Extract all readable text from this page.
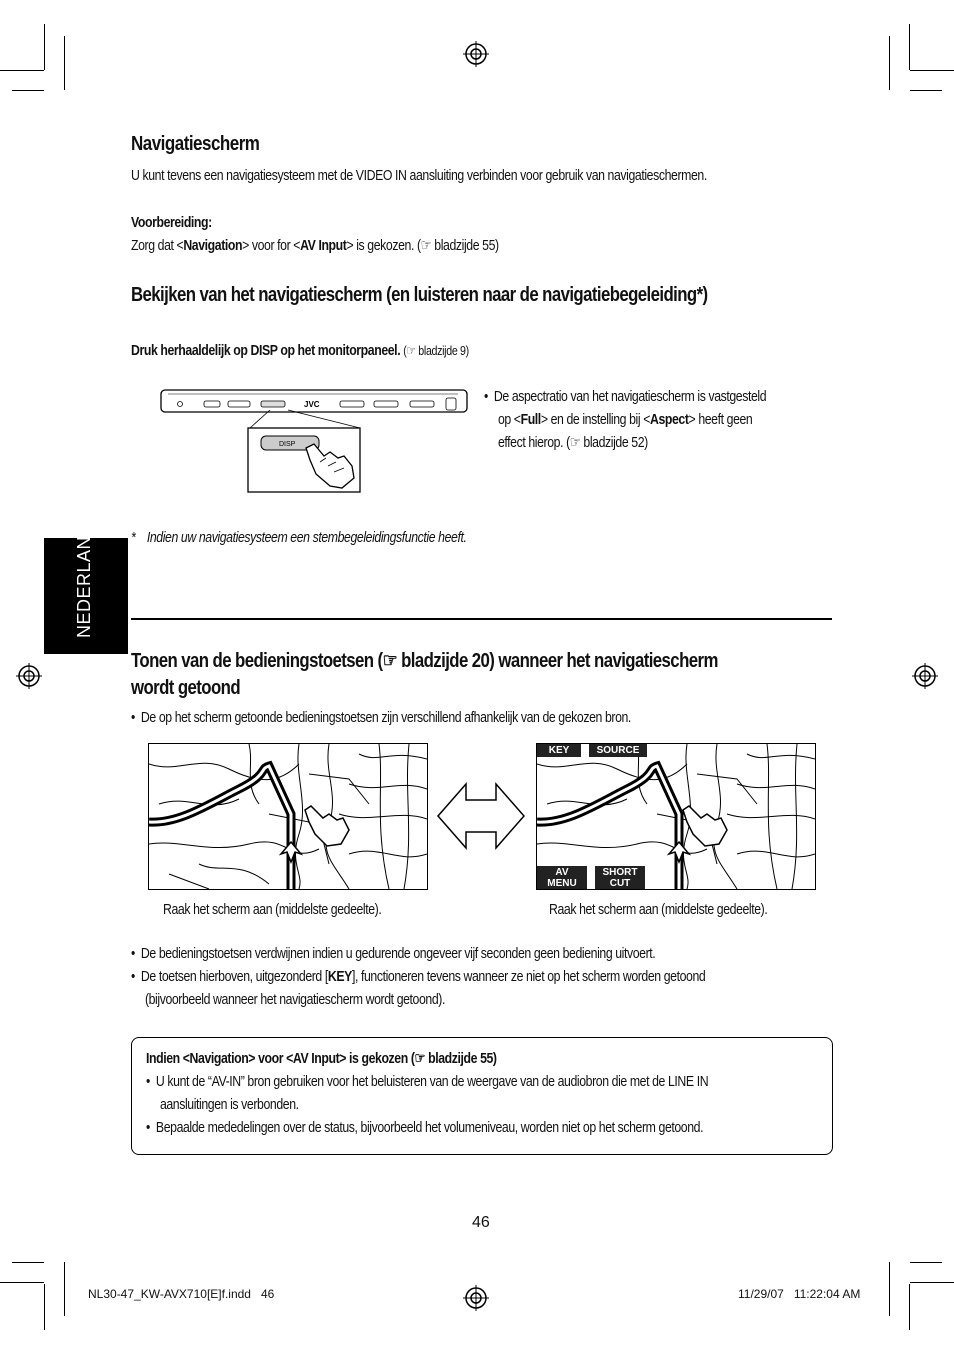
Navigatiescherm
U kunt tevens een navigatiesysteem met de VIDEO IN aansluiting verbinden voor gebruik van navigatieschermen.
Voorbereiding:
Zorg dat <Navigation> voor for <AV Input> is gekozen. (☞ bladzijde 55)
Bekijken van het navigatiescherm (en luisteren naar de navigatiebegeleiding*)
Druk herhaaldelijk op DISP op het monitorpaneel. (☞ bladzijde 9)
JVC
DISP
•  De aspectratio van het navigatiescherm is vastgesteld
op <Full> en de instelling bij <Aspect> heeft geen
effect hierop. (☞ bladzijde 52)
* Indien uw navigatiesysteem een stembegeleidingsfunctie heeft.
NEDERLANDS
Tonen van de bedieningstoetsen (☞ bladzijde 20) wanneer het navigatiescherm
wordt getoond
•  De op het scherm getoonde bedieningstoetsen zijn verschillend afhankelijk van de gekozen bron.
KEY	SOURCE
AV
MENU
SHORT
CUT
Raak het scherm aan (middelste gedeelte).	Raak het scherm aan (middelste gedeelte).
•  De bedieningstoetsen verdwijnen indien u gedurende ongeveer vijf seconden geen bediening uitvoert.
•  De toetsen hierboven, uitgezonderd [KEY], functioneren tevens wanneer ze niet op het scherm worden getoond
(bijvoorbeeld wanneer het navigatiescherm wordt getoond).
Indien <Navigation> voor <AV Input> is gekozen (☞ bladzijde 55)
•  U kunt de “AV-IN” bron gebruiken voor het beluisteren van de weergave van de audiobron die met de LINE IN
aansluitingen is verbonden.
•  Bepaalde mededelingen over de status, bijvoorbeeld het volumeniveau, worden niet op het scherm getoond.
46
NL30-47_KW-AVX710[E]f.indd   46	11/29/07   11:22:04 AM
